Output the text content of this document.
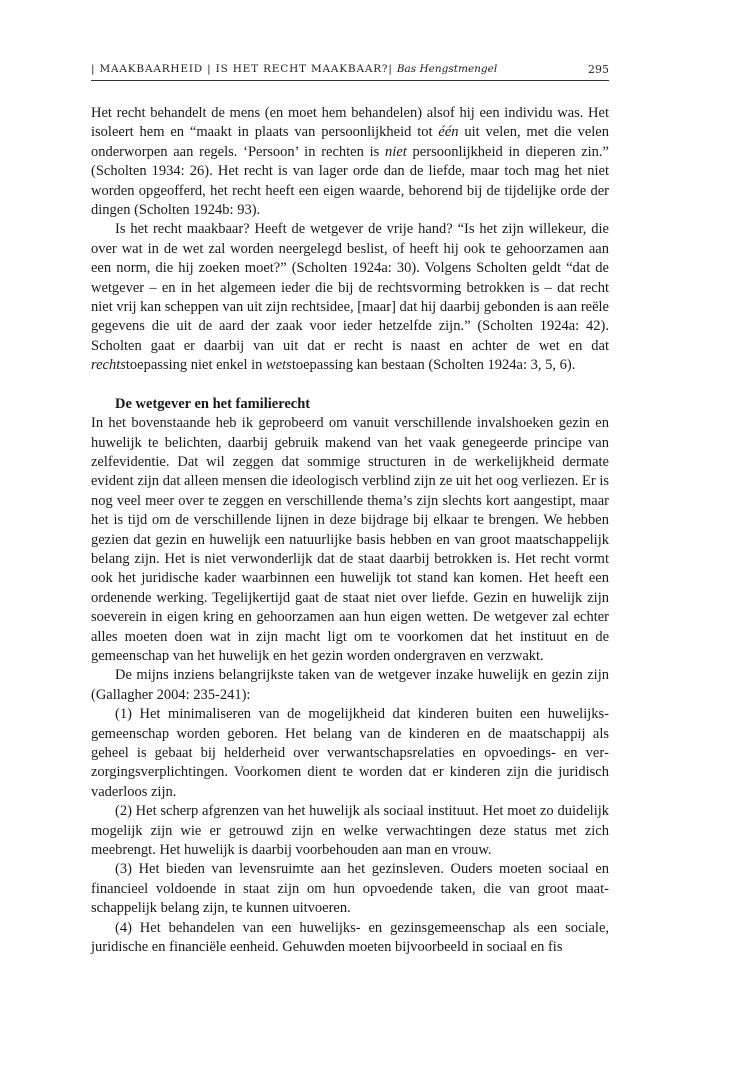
| MAAKBAARHEID | IS HET RECHT MAAKBAAR?| Bas Hengstmengel	295

Het recht behandelt de mens (en moet hem behandelen) alsof hij een individu was. Het isoleert hem en “maakt in plaats van persoonlijkheid tot één uit velen, met die velen onderworpen aan regels. ‘Persoon’ in rechten is niet persoonlijkheid in dieperen zin.” (Scholten 1934: 26). Het recht is van lager orde dan de liefde, maar toch mag het niet worden opgeofferd, het recht heeft een eigen waarde, behorend bij de tijdelijke orde der dingen (Scholten 1924b: 93).

Is het recht maakbaar? Heeft de wetgever de vrije hand? “Is het zijn willekeur, die over wat in de wet zal worden neergelegd beslist, of heeft hij ook te gehoorzamen aan een norm, die hij zoeken moet?” (Scholten 1924a: 30). Volgens Scholten geldt “dat de wetgever – en in het algemeen ieder die bij de rechtsvorming betrokken is – dat recht niet vrij kan scheppen van uit zijn rechtsidee, [maar] dat hij daarbij gebonden is aan reële gegevens die uit de aard der zaak voor ieder hetzelfde zijn.” (Scholten 1924a: 42). Scholten gaat er daarbij van uit dat er recht is naast en achter de wet en dat rechtstoepassing niet enkel in wetstoepassing kan bestaan (Scholten 1924a: 3, 5, 6).

De wetgever en het familierecht

In het bovenstaande heb ik geprobeerd om vanuit verschillende invalshoeken gezin en huwelijk te belichten, daarbij gebruik makend van het vaak genegeerde principe van zelfevidentie. Dat wil zeggen dat sommige structuren in de werkelijkheid dermate evident zijn dat alleen mensen die ideologisch verblind zijn ze uit het oog verliezen. Er is nog veel meer over te zeggen en verschillende thema’s zijn slechts kort aangestipt, maar het is tijd om de verschillende lijnen in deze bijdrage bij elkaar te brengen. We hebben gezien dat gezin en huwelijk een natuurlijke basis hebben en van groot maatschappelijk belang zijn. Het is niet verwonderlijk dat de staat daarbij betrokken is. Het recht vormt ook het juridische kader waarbinnen een huwelijk tot stand kan komen. Het heeft een ordenende werking. Tegelijkertijd gaat de staat niet over liefde. Gezin en huwelijk zijn soeverein in eigen kring en gehoorzamen aan hun eigen wetten. De wetgever zal echter alles moeten doen wat in zijn macht ligt om te voorkomen dat het instituut en de gemeenschap van het huwelijk en het gezin worden ondergraven en verzwakt.

De mijns inziens belangrijkste taken van de wetgever inzake huwelijk en gezin zijn (Gallagher 2004: 235-241):

(1) Het minimaliseren van de mogelijkheid dat kinderen buiten een huwelijksgemeenschap worden geboren. Het belang van de kinderen en de maatschappij als geheel is gebaat bij helderheid over verwantschapsrelaties en opvoedings- en verzorgingsverplichtingen. Voorkomen dient te worden dat er kinderen zijn die juridisch vaderloos zijn.

(2) Het scherp afgrenzen van het huwelijk als sociaal instituut. Het moet zo duidelijk mogelijk zijn wie er getrouwd zijn en welke verwachtingen deze status met zich meebrengt. Het huwelijk is daarbij voorbehouden aan man en vrouw.

(3) Het bieden van levensruimte aan het gezinsleven. Ouders moeten sociaal en financieel voldoende in staat zijn om hun opvoedende taken, die van groot maatschappelijk belang zijn, te kunnen uitvoeren.

(4) Het behandelen van een huwelijks- en gezinsgemeenschap als een sociale, juridische en financiële eenheid. Gehuwden moeten bijvoorbeeld in sociaal en fis
